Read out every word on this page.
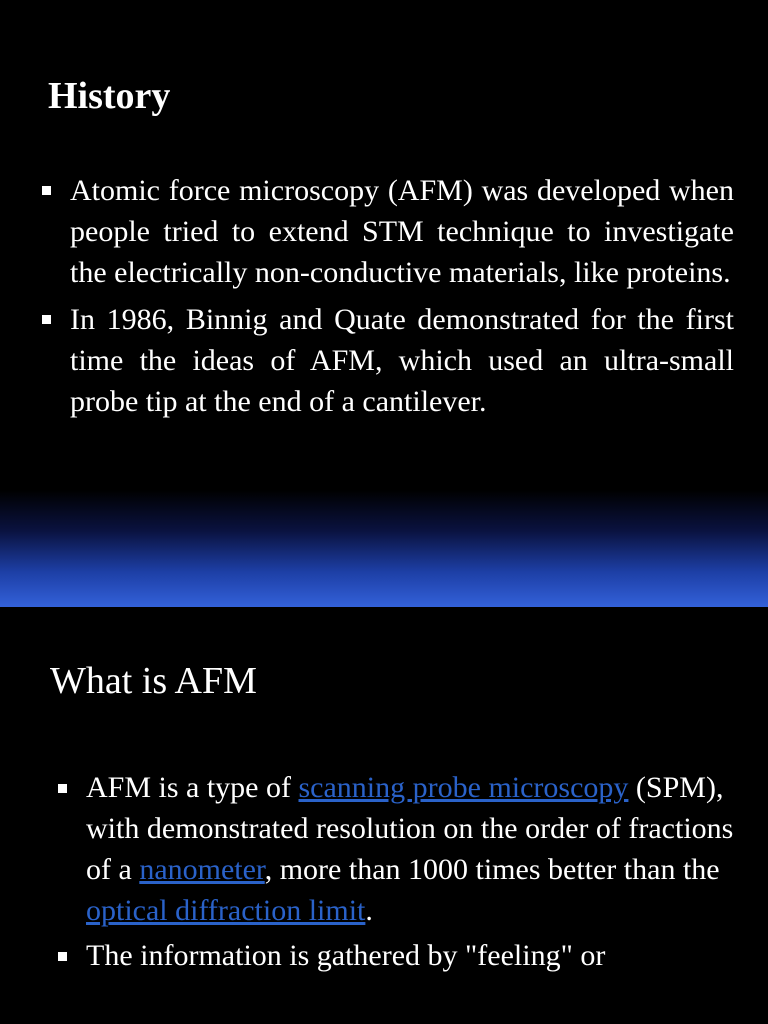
History
Atomic force microscopy (AFM) was developed when people tried to extend STM technique to investigate the electrically non-conductive materials, like proteins.
In 1986, Binnig and Quate demonstrated for the first time the ideas of AFM, which used an ultra-small probe tip at the end of a cantilever.
What is AFM
AFM is a type of scanning probe microscopy (SPM), with demonstrated resolution on the order of fractions of a nanometer, more than 1000 times better than the optical diffraction limit.
The information is gathered by "feeling" or
